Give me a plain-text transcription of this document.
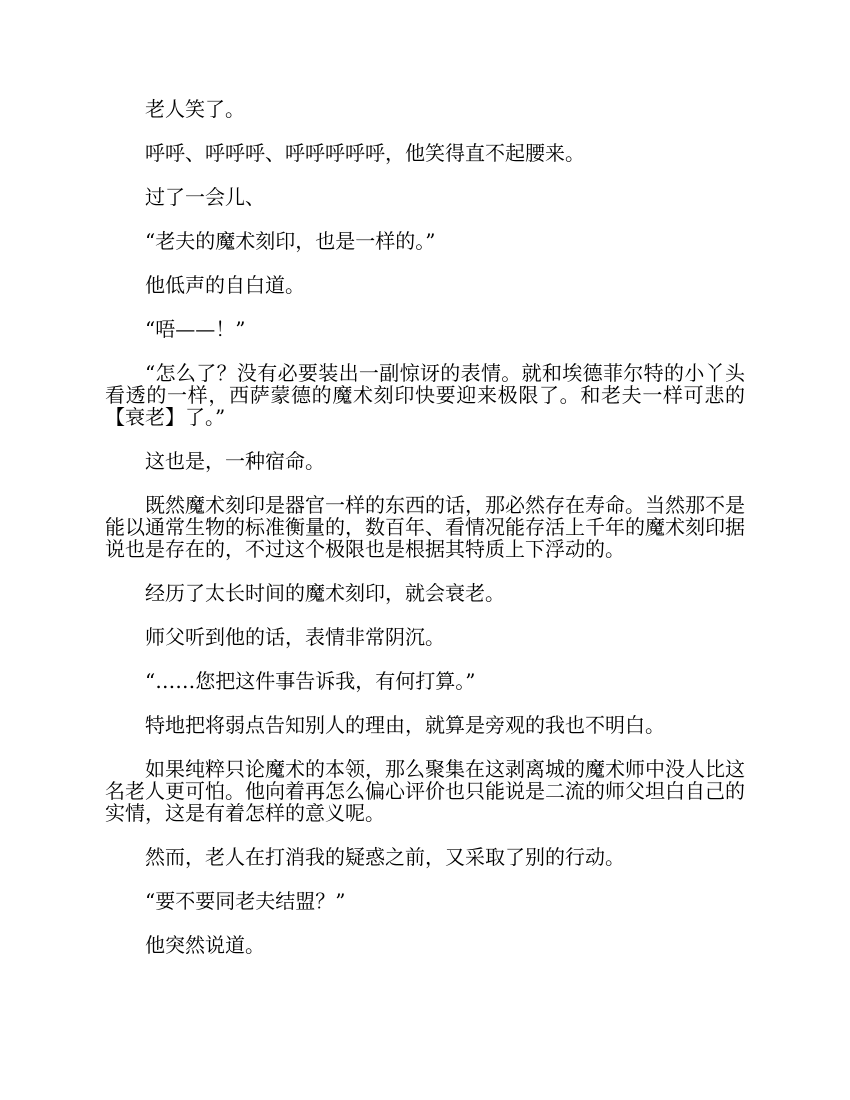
老人笑了。

呼呼、呼呼呼、呼呼呼呼呼，他笑得直不起腰来。

过了一会儿、

“老夫的魔术刻印，也是一样的。”

他低声的自白道。

“唔——！”

“怎么了？没有必要装出一副惊讶的表情。就和埃德菲尔特的小丫头看透的一样，西萨蒙德的魔术刻印快要迎来极限了。和老夫一样可悲的【衰老】了。”

这也是，一种宿命。

既然魔术刻印是器官一样的东西的话，那必然存在寿命。当然那不是能以通常生物的标准衡量的，数百年、看情况能存活上千年的魔术刻印据说也是存在的，不过这个极限也是根据其特质上下浮动的。

经历了太长时间的魔术刻印，就会衰老。

师父听到他的话，表情非常阴沉。

“……您把这件事告诉我，有何打算。”

特地把将弱点告知别人的理由，就算是旁观的我也不明白。

如果纯粹只论魔术的本领，那么聚集在这剥离城的魔术师中没人比这名老人更可怕。他向着再怎么偏心评价也只能说是二流的师父坦白自己的实情，这是有着怎样的意义呢。

然而，老人在打消我的疑惑之前，又采取了别的行动。

“要不要同老夫结盟？”

他突然说道。
